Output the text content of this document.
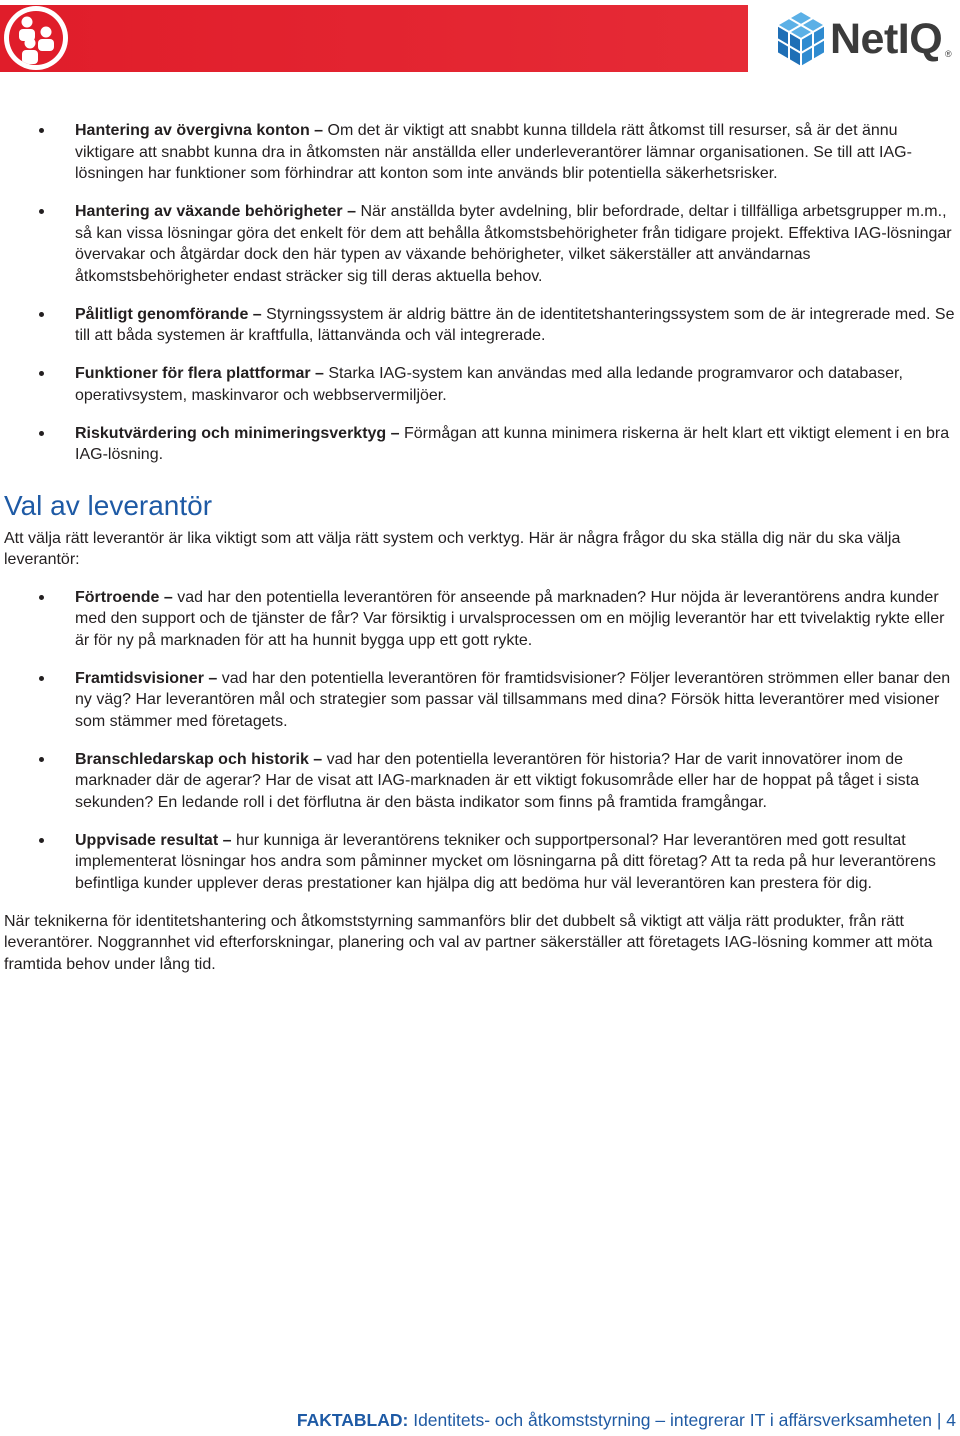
NetIQ ®
Hantering av övergivna konton – Om det är viktigt att snabbt kunna tilldela rätt åtkomst till resurser, så är det ännu viktigare att snabbt kunna dra in åtkomsten när anställda eller underleverantörer lämnar organisationen. Se till att IAG-lösningen har funktioner som förhindrar att konton som inte används blir potentiella säkerhetsrisker.
Hantering av växande behörigheter – När anställda byter avdelning, blir befordrade, deltar i tillfälliga arbetsgrupper m.m., så kan vissa lösningar göra det enkelt för dem att behålla åtkomstsbehörigheter från tidigare projekt. Effektiva IAG-lösningar övervakar och åtgärdar dock den här typen av växande behörigheter, vilket säkerställer att användarnas åtkomstsbehörigheter endast sträcker sig till deras aktuella behov.
Pålitligt genomförande – Styrningssystem är aldrig bättre än de identitetshanteringssystem som de är integrerade med. Se till att båda systemen är kraftfulla, lättanvända och väl integrerade.
Funktioner för flera plattformar – Starka IAG-system kan användas med alla ledande programvaror och databaser, operativsystem, maskinvaror och webbservermiljöer.
Riskutvärdering och minimeringsverktyg – Förmågan att kunna minimera riskerna är helt klart ett viktigt element i en bra IAG-lösning.
Val av leverantör

Att välja rätt leverantör är lika viktigt som att välja rätt system och verktyg. Här är några frågor du ska ställa dig när du ska välja leverantör:

Förtroende – vad har den potentiella leverantören för anseende på marknaden? Hur nöjda är leverantörens andra kunder med den support och de tjänster de får? Var försiktig i urvalsprocessen om en möjlig leverantör har ett tvivelaktig rykte eller är för ny på marknaden för att ha hunnit bygga upp ett gott rykte.
Framtidsvisioner – vad har den potentiella leverantören för framtidsvisioner? Följer leverantören strömmen eller banar den ny väg? Har leverantören mål och strategier som passar väl tillsammans med dina? Försök hitta leverantörer med visioner som stämmer med företagets.
Branschledarskap och historik – vad har den potentiella leverantören för historia? Har de varit innovatörer inom de marknader där de agerar? Har de visat att IAG-marknaden är ett viktigt fokusområde eller har de hoppat på tåget i sista sekunden? En ledande roll i det förflutna är den bästa indikator som finns på framtida framgångar.
Uppvisade resultat – hur kunniga är leverantörens tekniker och supportpersonal? Har leverantören med gott resultat implementerat lösningar hos andra som påminner mycket om lösningarna på ditt företag? Att ta reda på hur leverantörens befintliga kunder upplever deras prestationer kan hjälpa dig att bedöma hur väl leverantören kan prestera för dig.

När teknikerna för identitetshantering och åtkomststyrning sammanförs blir det dubbelt så viktigt att välja rätt produkter, från rätt leverantörer. Noggrannhet vid efterforskningar, planering och val av partner säkerställer att företagets IAG-lösning kommer att möta framtida behov under lång tid.

FAKTABLAD: Identitets- och åtkomststyrning – integrerar IT i affärsverksamheten | 4
